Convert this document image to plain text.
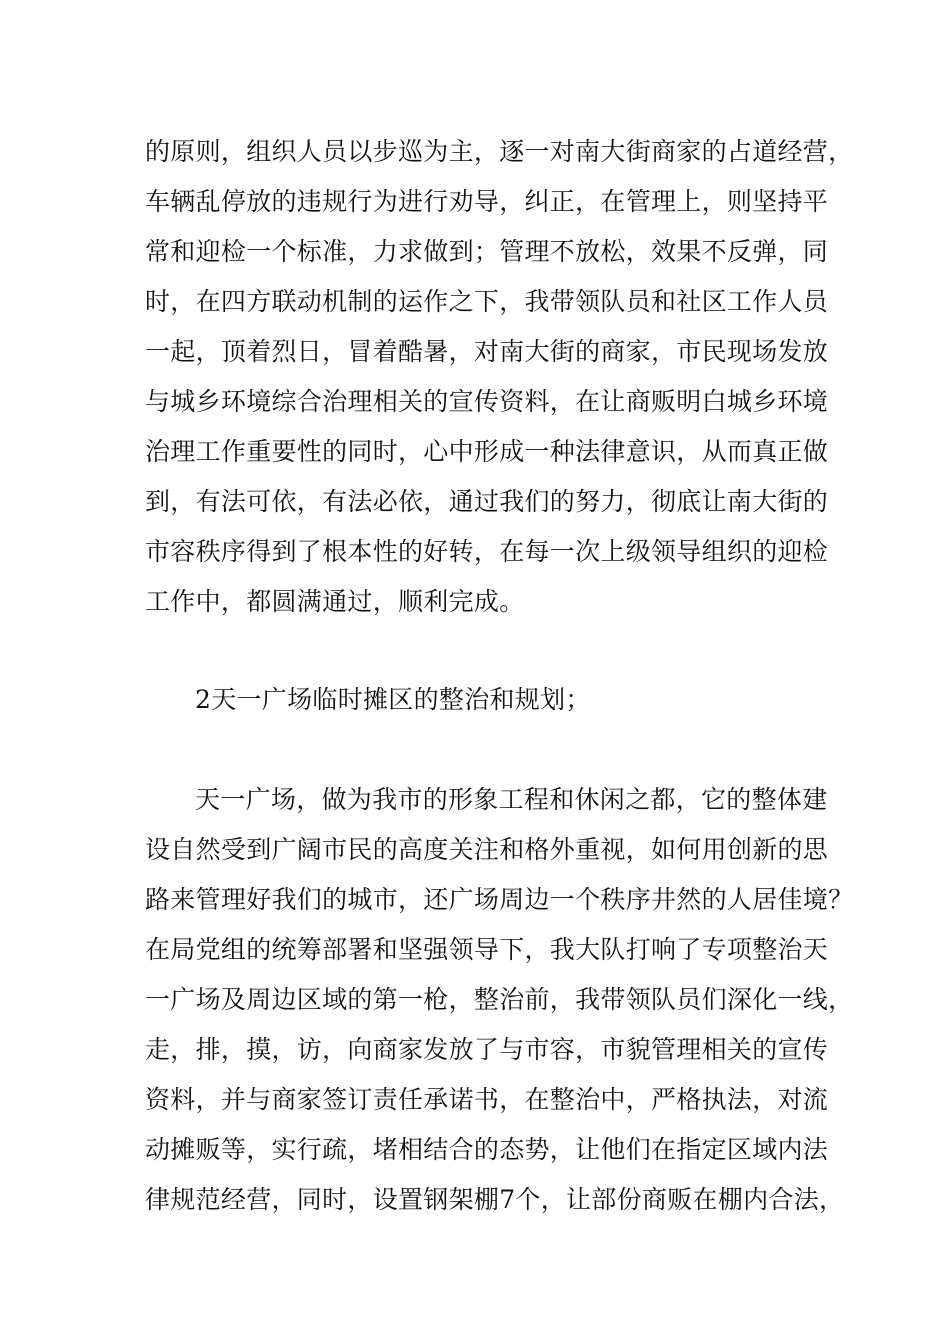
的原则，组织人员以步巡为主，逐一对南大街商家的占道经营，
车辆乱停放的违规行为进行劝导，纠正，在管理上，则坚持平
常和迎检一个标准，力求做到；管理不放松，效果不反弹，同
时，在四方联动机制的运作之下，我带领队员和社区工作人员
一起，顶着烈日，冒着酷暑，对南大街的商家，市民现场发放
与城乡环境综合治理相关的宣传资料，在让商贩明白城乡环境
治理工作重要性的同时，心中形成一种法律意识，从而真正做
到，有法可依，有法必依，通过我们的努力，彻底让南大街的
市容秩序得到了根本性的好转，在每一次上级领导组织的迎检
工作中，都圆满通过，顺利完成。
2天一广场临时摊区的整治和规划；
天一广场，做为我市的形象工程和休闲之都，它的整体建
设自然受到广阔市民的高度关注和格外重视，如何用创新的思
路来管理好我们的城市，还广场周边一个秩序井然的人居佳境？
在局党组的统筹部署和坚强领导下，我大队打响了专项整治天
一广场及周边区域的第一枪，整治前，我带领队员们深化一线，
走，排，摸，访，向商家发放了与市容，市貌管理相关的宣传
资料，并与商家签订责任承诺书，在整治中，严格执法，对流
动摊贩等，实行疏，堵相结合的态势，让他们在指定区域内法
律规范经营，同时，设置钢架棚7个，让部份商贩在棚内合法，
